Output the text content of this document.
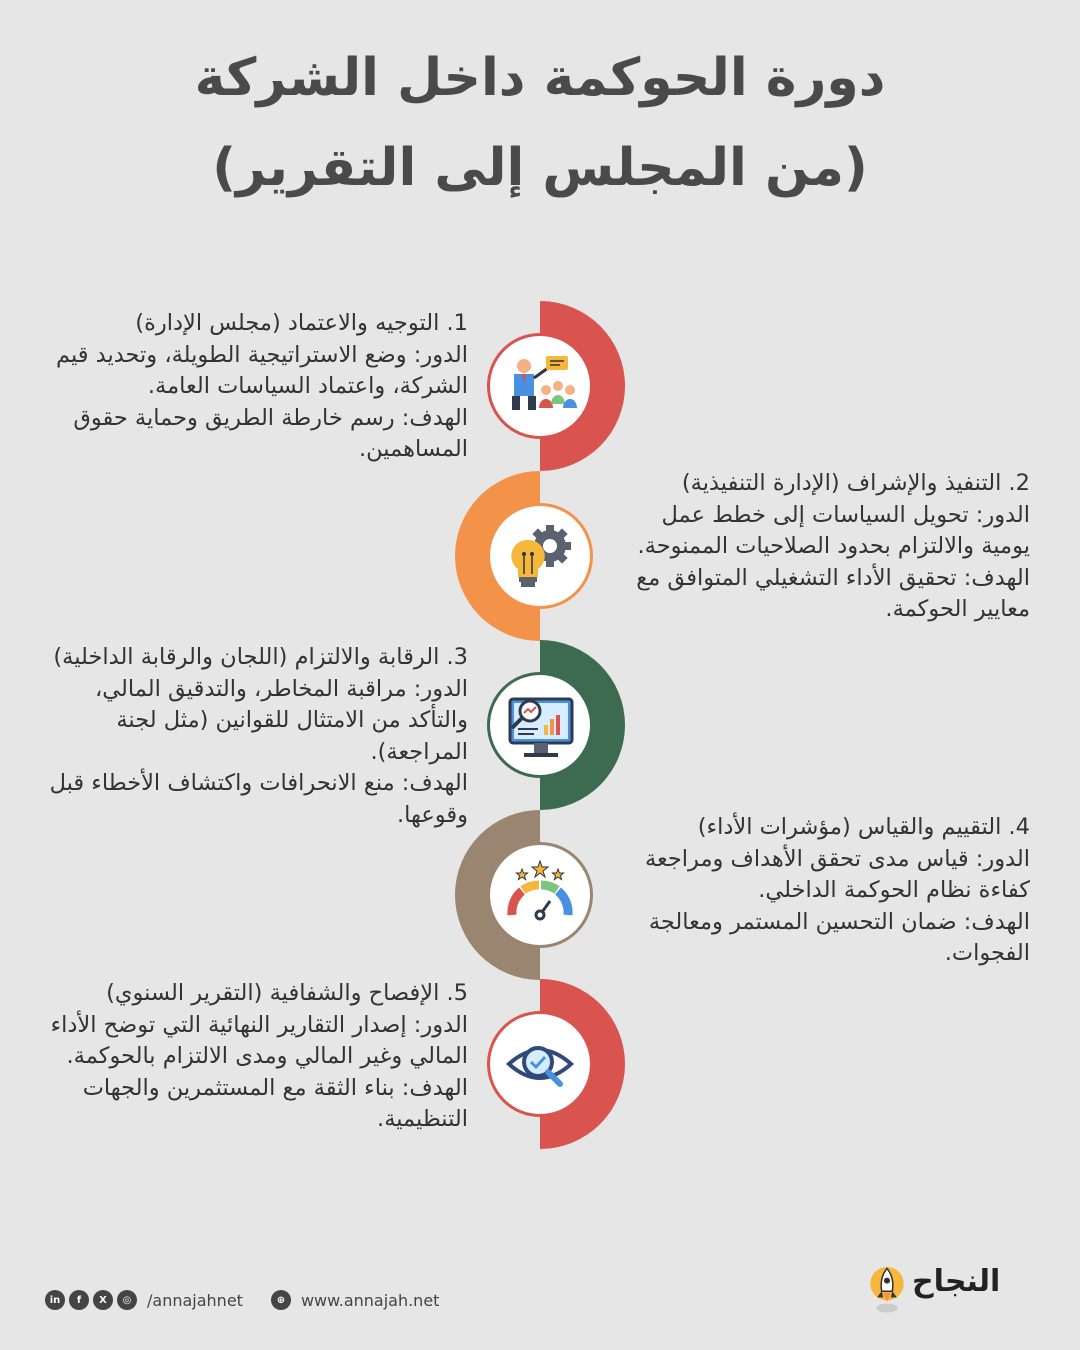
دورة الحوكمة داخل الشركة
(من المجلس إلى التقرير)
1. التوجيه والاعتماد (مجلس الإدارة)
الدور: وضع الاستراتيجية الطويلة، وتحديد قيم الشركة، واعتماد السياسات العامة.
الهدف: رسم خارطة الطريق وحماية حقوق المساهمين.
2. التنفيذ والإشراف (الإدارة التنفيذية)
الدور: تحويل السياسات إلى خطط عمل يومية والالتزام بحدود الصلاحيات الممنوحة.
الهدف: تحقيق الأداء التشغيلي المتوافق مع معايير الحوكمة.
3. الرقابة والالتزام (اللجان والرقابة الداخلية)
الدور: مراقبة المخاطر، والتدقيق المالي، والتأكد من الامتثال للقوانين (مثل لجنة المراجعة).
الهدف: منع الانحرافات واكتشاف الأخطاء قبل وقوعها.	4. التقييم والقياس (مؤشرات الأداء)
الدور: قياس مدى تحقق الأهداف ومراجعة كفاءة نظام الحوكمة الداخلي.
الهدف: ضمان التحسين المستمر ومعالجة الفجوات.
5. الإفصاح والشفافية (التقرير السنوي)
الدور: إصدار التقارير النهائية التي توضح الأداء المالي وغير المالي ومدى الالتزام بالحوكمة.
الهدف: بناء الثقة مع المستثمرين والجهات التنظيمية.
in	f	X	◎ /annajahnet	⊕ www.annajah.net
النجاح
